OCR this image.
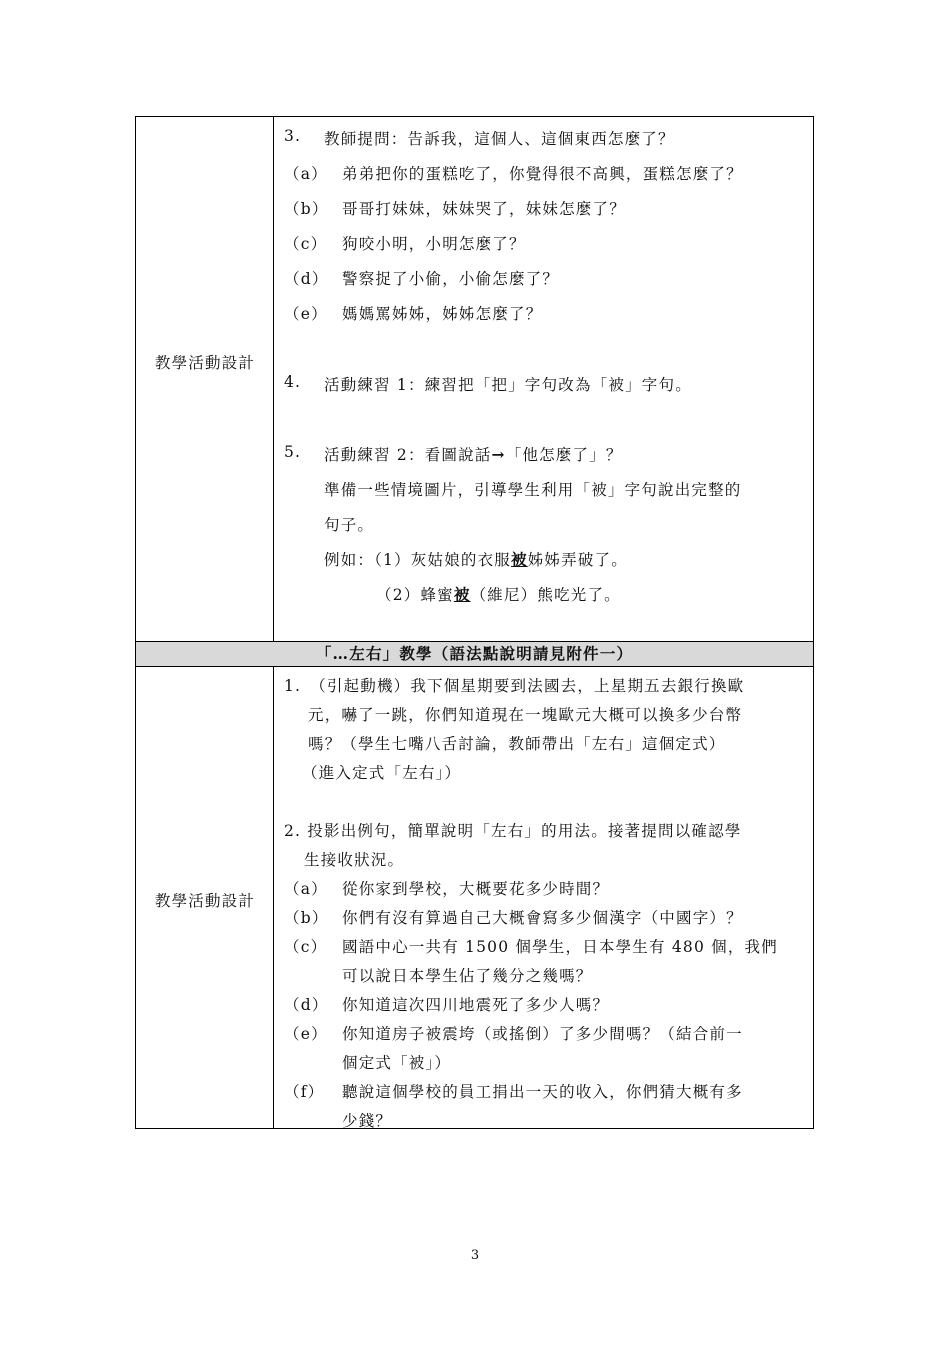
「…左右」教學（語法點說明請見附件一）
教學活動設計
3. 教師提問：告訴我，這個人、這個東西怎麼了？
（a） 弟弟把你的蛋糕吃了，你覺得很不高興，蛋糕怎麼了？
（b） 哥哥打妹妹，妹妹哭了，妹妹怎麼了？
（c） 狗咬小明，小明怎麼了？
（d） 警察捉了小偷，小偷怎麼了？
（e） 媽媽罵姊姊，姊姊怎麼了？
4. 活動練習 1：練習把「把」字句改為「被」字句。
5. 活動練習 2：看圖說話→「他怎麼了」？
準備一些情境圖片，引導學生利用「被」字句說出完整的
句子。
例如：（1）灰姑娘的衣服被姊姊弄破了。
（2）蜂蜜被（維尼）熊吃光了。
教學活動設計
1.　（引起動機）我下個星期要到法國去，上星期五去銀行換歐
元，嚇了一跳，你們知道現在一塊歐元大概可以換多少台幣
嗎？（學生七嘴八舌討論，教師帶出「左右」這個定式）
（進入定式「左右」）
2. 投影出例句，簡單說明「左右」的用法。接著提問以確認學
生接收狀況。
（a） 從你家到學校，大概要花多少時間？
（b） 你們有沒有算過自己大概會寫多少個漢字（中國字）？
（c） 國語中心一共有 1500 個學生，日本學生有 480 個，我們
可以說日本學生佔了幾分之幾嗎？
（d） 你知道這次四川地震死了多少人嗎？
（e） 你知道房子被震垮（或搖倒）了多少間嗎？（結合前一
個定式「被」）
（f） 聽說這個學校的員工捐出一天的收入，你們猜大概有多
少錢？
3
